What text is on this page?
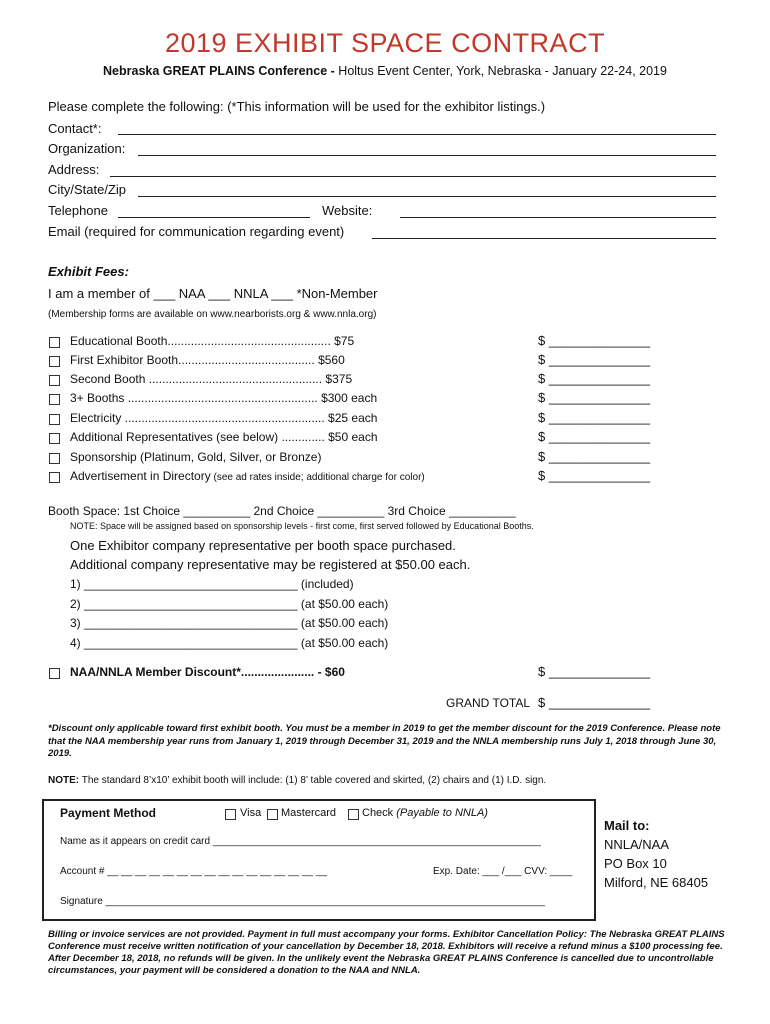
2019 EXHIBIT SPACE CONTRACT
Nebraska GREAT PLAINS Conference - Holtus Event Center, York, Nebraska - January 22-24, 2019
Please complete the following: (*This information will be used for the exhibitor listings.)
Contact*:
Organization:
Address:
City/State/Zip
Telephone	Website:
Email (required for communication regarding event)
Exhibit Fees:
I am a member of ___ NAA ___ NNLA ___ *Non-Member
(Membership forms are available on www.nearborists.org & www.nnla.org)
Educational Booth................................................. $75	$ ______________
First Exhibitor Booth......................................... $560	$ ______________
Second Booth .................................................... $375	$ ______________
3+ Booths ......................................................... $300 each	$ ______________
Electricity ............................................................ $25 each	$ ______________
Additional Representatives (see below) ............. $50 each	$ ______________
Sponsorship (Platinum, Gold, Silver, or Bronze)	$ ______________
Advertisement in Directory (see ad rates inside; additional charge for color)	$ ______________
Booth Space: 1st Choice __________ 2nd Choice __________ 3rd Choice __________
NOTE: Space will be assigned based on sponsorship levels - first come, first served followed by Educational Booths.
One Exhibitor company representative per booth space purchased.
Additional company representative may be registered at $50.00 each.
1) ________________________________ (included)
2) ________________________________ (at $50.00 each)
3) ________________________________ (at $50.00 each)
4) ________________________________ (at $50.00 each)
NAA/NNLA Member Discount*...................... - $60	$ ______________
GRAND TOTAL $ ______________
*Discount only applicable toward first exhibit booth. You must be a member in 2019 to get the member discount for the 2019 Conference. Please note that the NAA membership year runs from January 1, 2019 through December 31, 2019 and the NNLA membership runs July 1, 2018 through June 30, 2019.
NOTE: The standard 8’x10’ exhibit booth will include: (1) 8’ table covered and skirted, (2) chairs and (1) I.D. sign.
Payment Method	Visa Mastercard Check (Payable to NNLA)
Name as it appears on credit card ___________________________________________________________
Account # __ __ __ __ __ __ __ __ __ __ __ __ __ __ __ __	Exp. Date: ___ /___ CVV: ____
Signature _______________________________________________________________________________
Mail to:
NNLA/NAA
PO Box 10
Milford, NE 68405
Billing or invoice services are not provided. Payment in full must accompany your forms. Exhibitor Cancellation Policy: The Nebraska GREAT PLAINS Conference must receive written notification of your cancellation by December 18, 2018. Exhibitors will receive a refund minus a $100 processing fee. After December 18, 2018, no refunds will be given. In the unlikely event the Nebraska GREAT PLAINS Conference is cancelled due to uncontrollable circumstances, your payment will be considered a donation to the NAA and NNLA.
